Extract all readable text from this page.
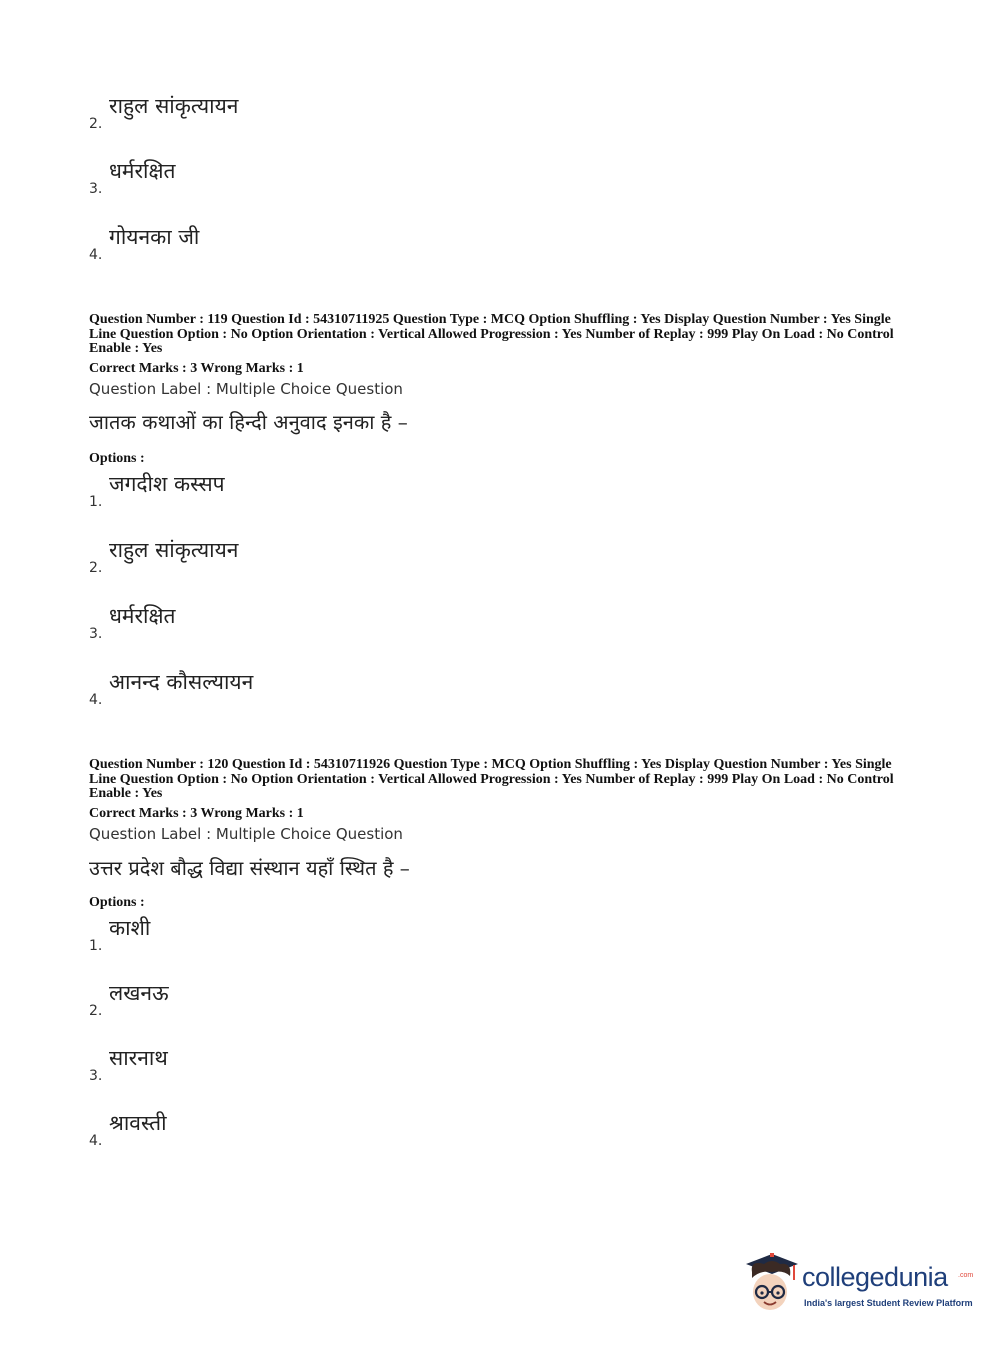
2.
राहुल सांकृत्यायन
3.
धर्मरक्षित
4.
गोयनका जी
Question Number : 119 Question Id : 54310711925 Question Type : MCQ Option Shuffling : Yes Display Question Number : Yes Single Line Question Option : No Option Orientation : Vertical Allowed Progression : Yes Number of Replay : 999 Play On Load : No Control Enable : Yes
Correct Marks : 3 Wrong Marks : 1
Question Label : Multiple Choice Question
जातक कथाओं का हिन्दी अनुवाद इनका है –
Options :
1.
जगदीश कस्सप
2.
राहुल सांकृत्यायन
3.
धर्मरक्षित
4.
आनन्द कौसल्यायन
Question Number : 120 Question Id : 54310711926 Question Type : MCQ Option Shuffling : Yes Display Question Number : Yes Single Line Question Option : No Option Orientation : Vertical Allowed Progression : Yes Number of Replay : 999 Play On Load : No Control Enable : Yes
Correct Marks : 3 Wrong Marks : 1
Question Label : Multiple Choice Question
उत्तर प्रदेश बौद्ध विद्या संस्थान यहाँ स्थित है –
Options :
1.
काशी
2.
लखनऊ
3.
सारनाथ
4.
श्रावस्ती
collegedunia .com
India's largest Student Review Platform
